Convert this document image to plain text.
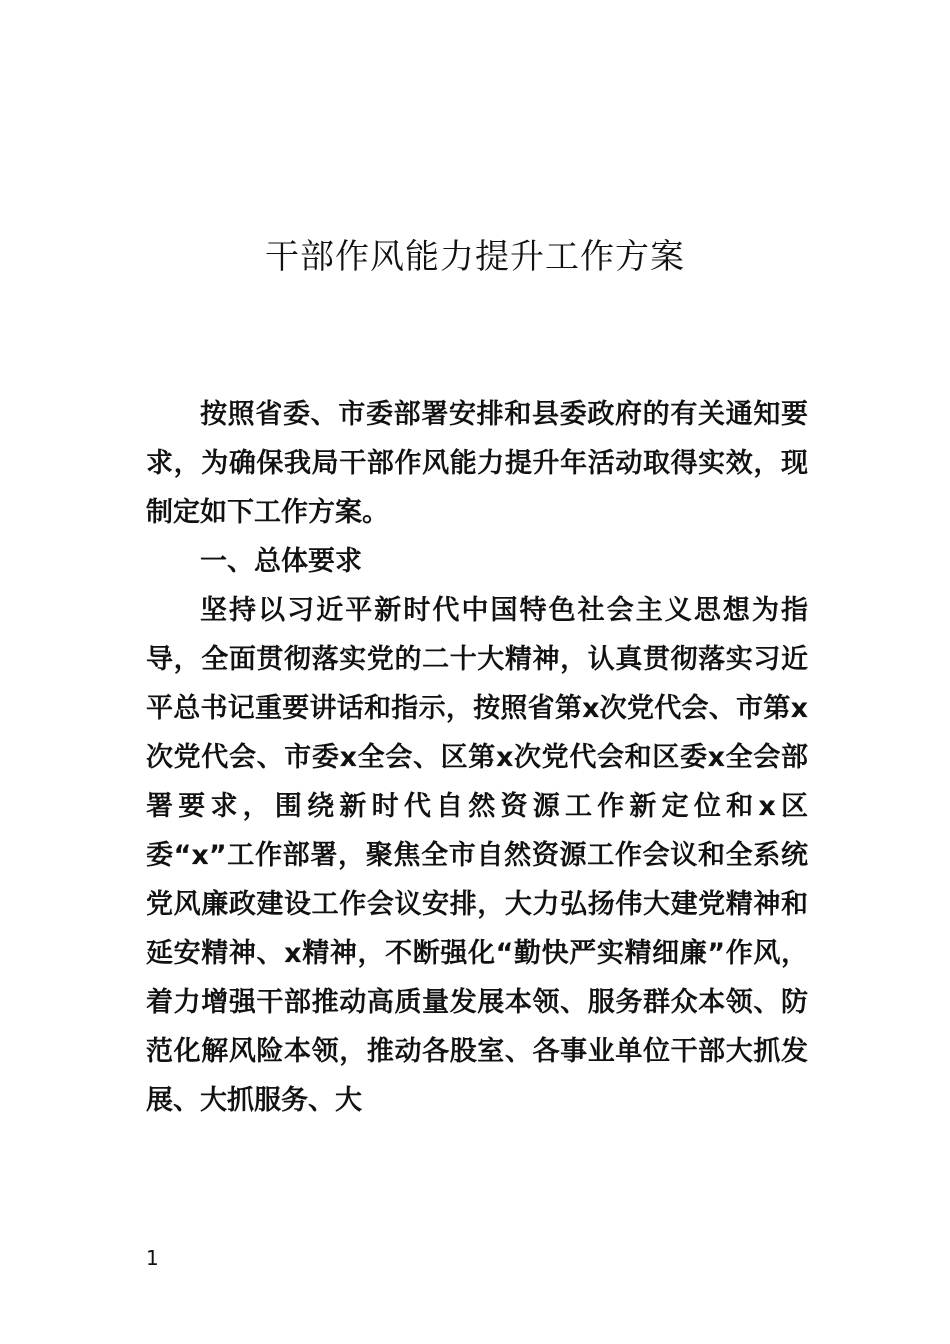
干部作风能力提升工作方案

按照省委、市委部署安排和县委政府的有关通知要求，为确保我局干部作风能力提升年活动取得实效，现制定如下工作方案。

一、总体要求

坚持以习近平新时代中国特色社会主义思想为指导，全面贯彻落实党的二十大精神，认真贯彻落实习近平总书记重要讲话和指示，按照省第x次党代会、市第x次党代会、市委x全会、区第x次党代会和区委x全会部署要求，围绕新时代自然资源工作新定位和x区委“x”工作部署，聚焦全市自然资源工作会议和全系统党风廉政建设工作会议安排，大力弘扬伟大建党精神和延安精神、x精神，不断强化“勤快严实精细廉”作风，着力增强干部推动高质量发展本领、服务群众本领、防范化解风险本领，推动各股室、各事业单位干部大抓发展、大抓服务、大

1
